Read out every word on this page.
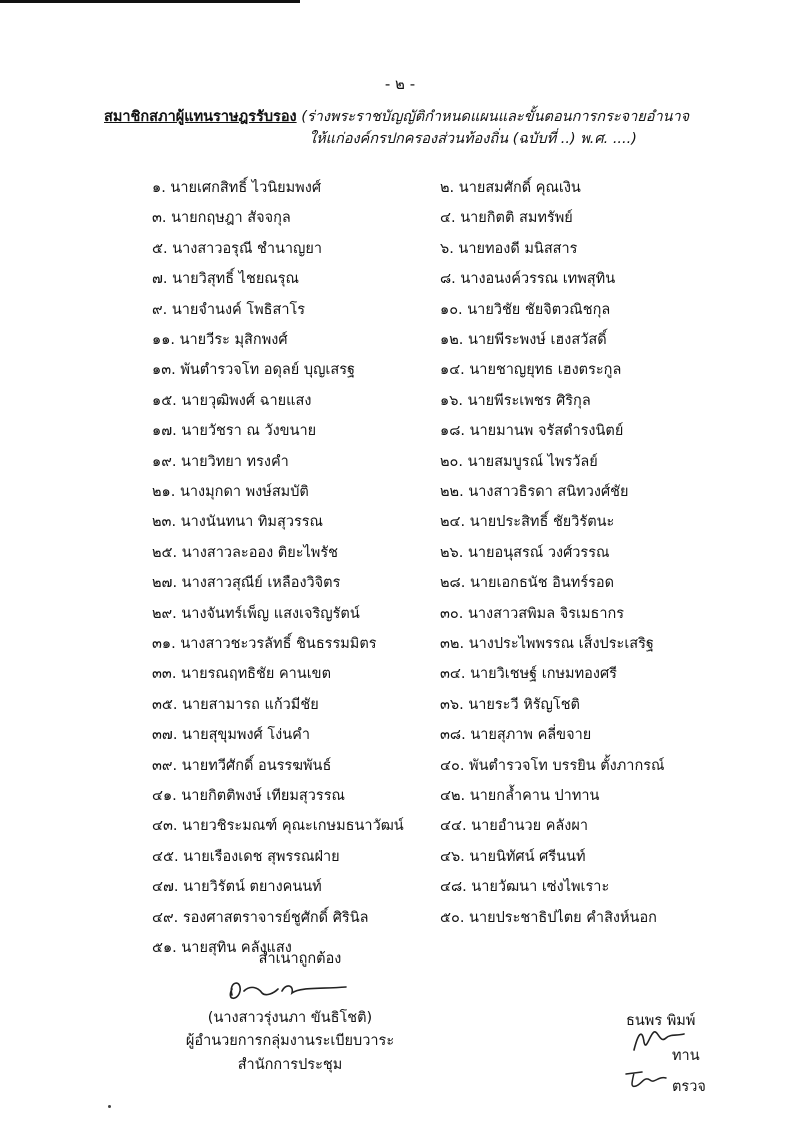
- ๒ -
สมาชิกสภาผู้แทนราษฎรรับรอง (ร่างพระราชบัญญัติกำหนดแผนและขั้นตอนการกระจายอำนาจ
ให้แก่องค์กรปกครองส่วนท้องถิ่น (ฉบับที่ ..) พ.ศ. ....)
๑. นายเศกสิทธิ์ ไวนิยมพงศ์	๒. นายสมศักดิ์ คุณเงิน
๓. นายกฤษฎา สัจจกุล	๔. นายกิตติ สมทรัพย์
๕. นางสาวอรุณี ชำนาญยา	๖. นายทองดี มนิสสาร
๗. นายวิสุทธิ์ ไชยณรุณ	๘. นางอนงค์วรรณ เทพสุทิน
๙. นายจำนงค์ โพธิสาโร	๑๐. นายวิชัย ชัยจิตวณิชกุล
๑๑. นายวีระ มุสิกพงศ์	๑๒. นายพีระพงษ์ เฮงสวัสดิ์
๑๓. พันตำรวจโท อดุลย์ บุญเสรฐ	๑๔. นายชาญยุทธ เฮงตระกูล
๑๕. นายวุฒิพงศ์ ฉายแสง	๑๖. นายพีระเพชร ศิริกุล
๑๗. นายวัชรา ณ วังขนาย	๑๘. นายมานพ จรัสดำรงนิตย์
๑๙. นายวิทยา ทรงคำ	๒๐. นายสมบูรณ์ ไพรวัลย์
๒๑. นางมุกดา พงษ์สมบัติ	๒๒. นางสาวธิรดา สนิทวงศ์ชัย
๒๓. นางนันทนา ทิมสุวรรณ	๒๔. นายประสิทธิ์ ชัยวิรัตนะ
๒๕. นางสาวละออง ติยะไพรัช	๒๖. นายอนุสรณ์ วงศ์วรรณ
๒๗. นางสาวสุณีย์ เหลืองวิจิตร	๒๘. นายเอกธนัช อินทร์รอด
๒๙. นางจันทร์เพ็ญ แสงเจริญรัตน์	๓๐. นางสาวสพิมล จิรเมธากร
๓๑. นางสาวชะวรลัทธิ์ ชินธรรมมิตร	๓๒. นางประไพพรรณ เส็งประเสริฐ
๓๓. นายรณฤทธิชัย คานเขต	๓๔. นายวิเชษฐ์ เกษมทองศรี
๓๕. นายสามารถ แก้วมีชัย	๓๖. นายระวี หิรัญโชติ
๓๗. นายสุขุมพงศ์ โง่นคำ	๓๘. นายสุภาพ คลี่ขจาย
๓๙. นายทวีศักดิ์ อนรรฆพันธ์	๔๐. พันตำรวจโท บรรยิน ตั้งภากรณ์
๔๑. นายกิตติพงษ์ เทียมสุวรรณ	๔๒. นายกล้ำคาน ปาทาน
๔๓. นายวชิระมณฑ์ คุณะเกษมธนาวัฒน์	๔๔. นายอำนวย คลังผา
๔๕. นายเรืองเดช สุพรรณฝ่าย	๔๖. นายนิทัศน์ ศรีนนท์
๔๗. นายวิรัตน์ ตยางคนนท์	๔๘. นายวัฒนา เซ่งไพเราะ
๔๙. รองศาสตราจารย์ชูศักดิ์ ศิรินิล	๕๐. นายประชาธิปไตย คำสิงห์นอก
๕๑. นายสุทิน คลังแสง
สำเนาถูกต้อง
(นางสาวรุ่งนภา ขันธิโชติ)
ผู้อำนวยการกลุ่มงานระเบียบวาระ
สำนักการประชุม
ธนพร พิมพ์
ทาน
ตรวจ
